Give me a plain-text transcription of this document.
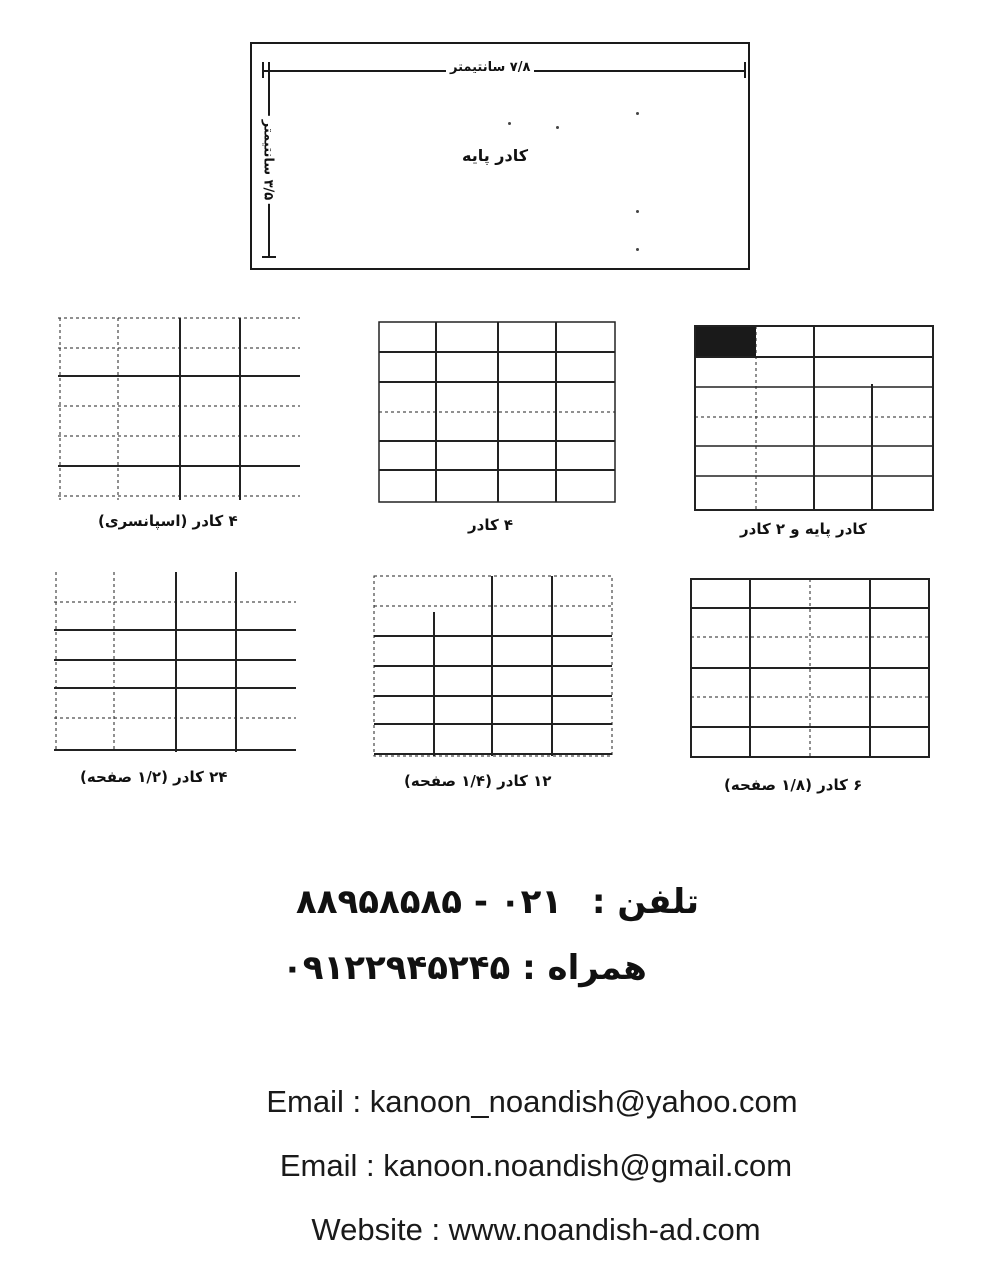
۷/۸ سانتیمتر
۳/۵ سانتیمتر
کادر پایه
کادر پایه و ۲ کادر
۴ کادر
۴ کادر (اسپانسری)
۶ کادر (۱/۸ صفحه)
۱۲ کادر (۱/۴ صفحه)
۲۴ کادر (۱/۲ صفحه)
تلفن : ۰۲۱ - ۸۸۹۵۸۵۸۵
همراه : ۰۹۱۲۲۹۴۵۲۴۵
Email : kanoon_noandish@yahoo.com
Email : kanoon.noandish@gmail.com
Website : www.noandish-ad.com
